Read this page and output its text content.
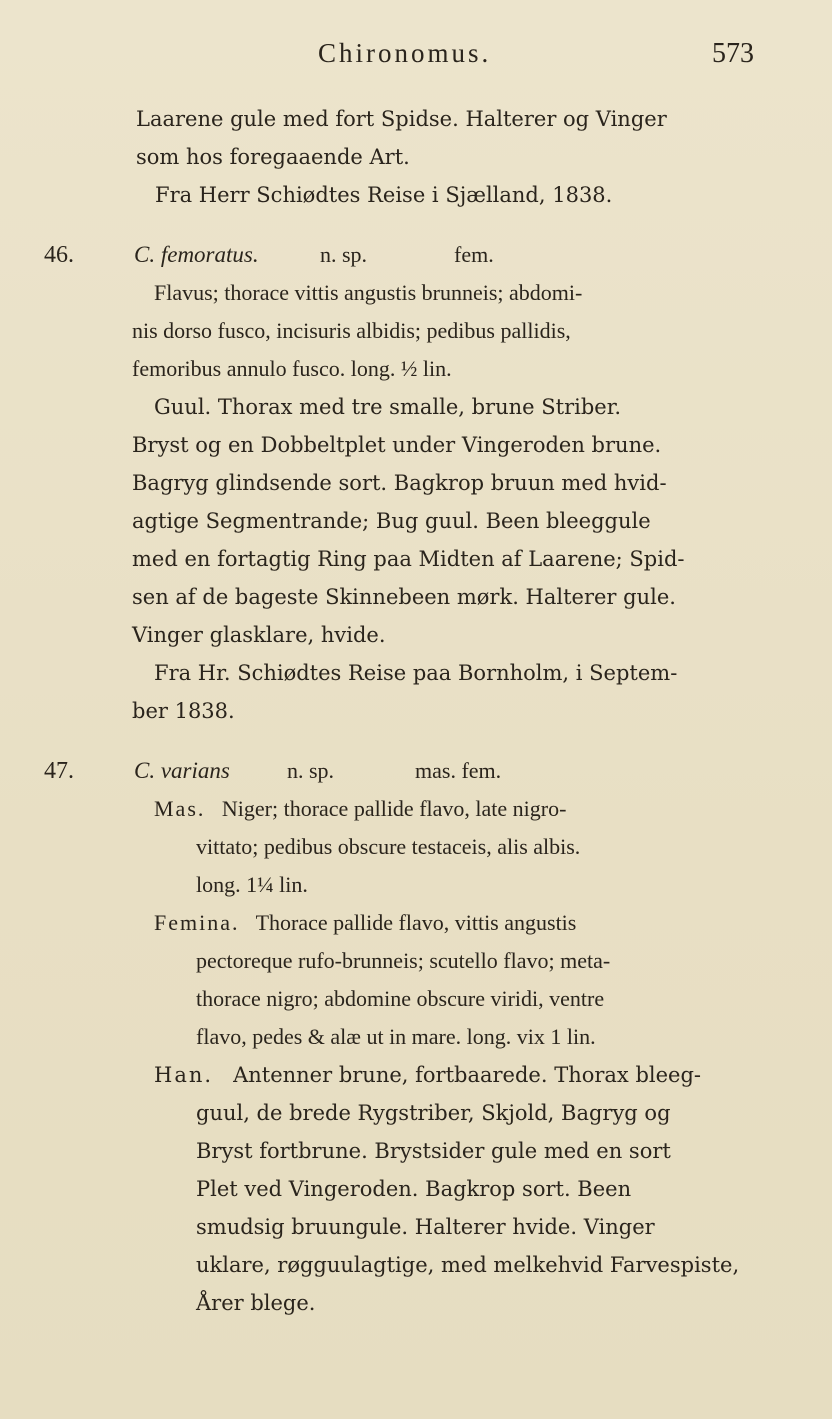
Chironomus.	573
Laarene gule med fort Spidse. Halterer og Vinger
som hos foregaaende Art.
Fra Herr Schiødtes Reise i Sjælland, 1838.
46.	C. femoratus.	n. sp.	fem.
Flavus; thorace vittis angustis brunneis; abdomi-
nis dorso fusco, incisuris albidis; pedibus pallidis,
femoribus annulo fusco. long. ½ lin.
Guul. Thorax med tre smalle, brune Striber.
Bryst og en Dobbeltplet under Vingeroden brune.
Bagryg glindsende sort. Bagkrop bruun med hvid-
agtige Segmentrande; Bug guul. Been bleeggule
med en fortagtig Ring paa Midten af Laarene; Spid-
sen af de bageste Skinnebeen mørk. Halterer gule.
Vinger glasklare, hvide.
Fra Hr. Schiødtes Reise paa Bornholm, i Septem-
ber 1838.
47.	C. varians	n. sp.	mas. fem.
Mas. Niger; thorace pallide flavo, late nigro-
vittato; pedibus obscure testaceis, alis albis.
long. 1¼ lin.
Femina. Thorace pallide flavo, vittis angustis
pectoreque rufo-brunneis; scutello flavo; meta-
thorace nigro; abdomine obscure viridi, ventre
flavo, pedes & alæ ut in mare. long. vix 1 lin.
Han. Antenner brune, fortbaarede. Thorax bleeg-
guul, de brede Rygstriber, Skjold, Bagryg og
Bryst fortbrune. Brystsider gule med en sort
Plet ved Vingeroden. Bagkrop sort. Been
smudsig bruungule. Halterer hvide. Vinger
uklare, røgguulagtige, med melkehvid Farvespiste,
Årer blege.
